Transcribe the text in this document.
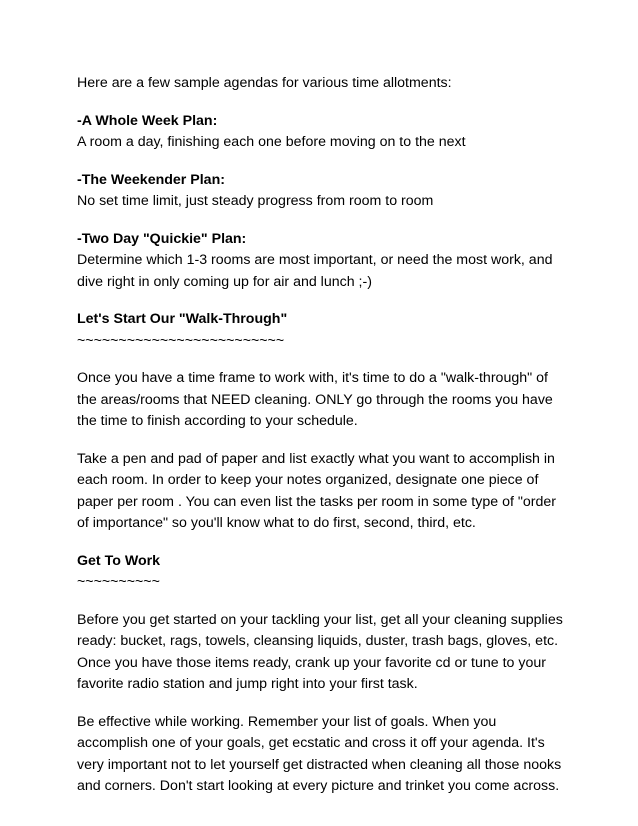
Here are a few sample agendas for various time allotments:

-A Whole Week Plan:
A room a day, finishing each one before moving on to the next

-The Weekender Plan:
No set time limit, just steady progress from room to room

-Two Day "Quickie" Plan:
Determine which 1-3 rooms are most important, or need the most work, and
dive right in only coming up for air and lunch ;-)

Let's Start Our "Walk-Through"
~~~~~~~~~~~~~~~~~~~~~~~~~

Once you have a time frame to work with, it's time to do a "walk-through" of
the areas/rooms that NEED cleaning. ONLY go through the rooms you have
the time to finish according to your schedule.

Take a pen and pad of paper and list exactly what you want to accomplish in
each room. In order to keep your notes organized, designate one piece of
paper per room . You can even list the tasks per room in some type of "order
of importance" so you'll know what to do first, second, third, etc.

Get To Work
~~~~~~~~~~

Before you get started on your tackling your list, get all your cleaning supplies
ready: bucket, rags, towels, cleansing liquids, duster, trash bags, gloves, etc.
Once you have those items ready, crank up your favorite cd or tune to your
favorite radio station and jump right into your first task.

Be effective while working. Remember your list of goals. When you
accomplish one of your goals, get ecstatic and cross it off your agenda. It's
very important not to let yourself get distracted when cleaning all those nooks
and corners. Don't start looking at every picture and trinket you come across.
